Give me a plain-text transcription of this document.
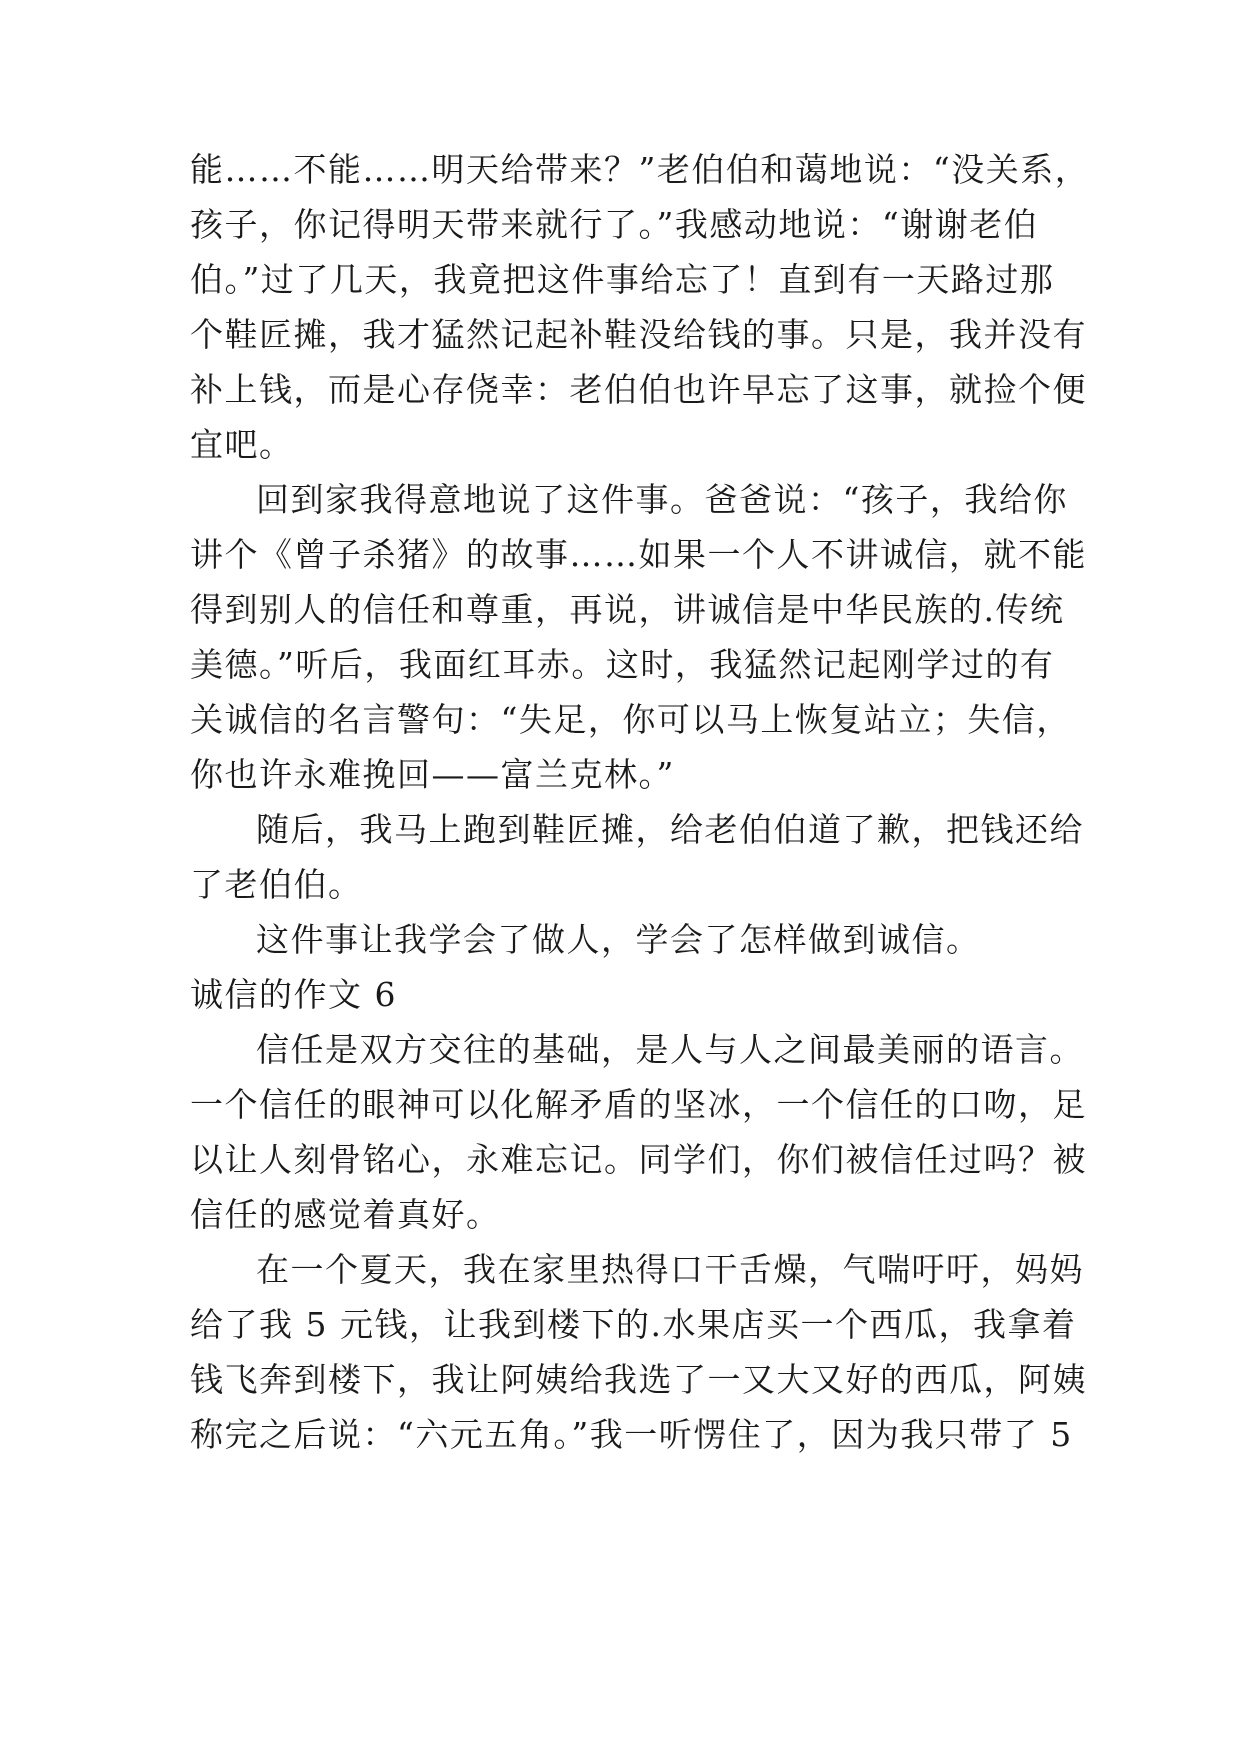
能……不能……明天给带来？”老伯伯和蔼地说：“没关系，
孩子，你记得明天带来就行了。”我感动地说：“谢谢老伯
伯。”过了几天，我竟把这件事给忘了！直到有一天路过那
个鞋匠摊，我才猛然记起补鞋没给钱的事。只是，我并没有
补上钱，而是心存侥幸：老伯伯也许早忘了这事，就捡个便
宜吧。
回到家我得意地说了这件事。爸爸说：“孩子，我给你
讲个《曾子杀猪》的故事……如果一个人不讲诚信，就不能
得到别人的信任和尊重，再说，讲诚信是中华民族的.传统
美德。”听后，我面红耳赤。这时，我猛然记起刚学过的有
关诚信的名言警句：“失足，你可以马上恢复站立；失信，
你也许永难挽回——富兰克林。”
随后，我马上跑到鞋匠摊，给老伯伯道了歉，把钱还给
了老伯伯。
这件事让我学会了做人，学会了怎样做到诚信。
诚信的作文 6
信任是双方交往的基础，是人与人之间最美丽的语言。
一个信任的眼神可以化解矛盾的坚冰，一个信任的口吻，足
以让人刻骨铭心，永难忘记。同学们，你们被信任过吗？被
信任的感觉着真好。
在一个夏天，我在家里热得口干舌燥，气喘吁吁，妈妈
给了我 5 元钱，让我到楼下的.水果店买一个西瓜，我拿着
钱飞奔到楼下，我让阿姨给我选了一又大又好的西瓜，阿姨
称完之后说：“六元五角。”我一听愣住了，因为我只带了 5
